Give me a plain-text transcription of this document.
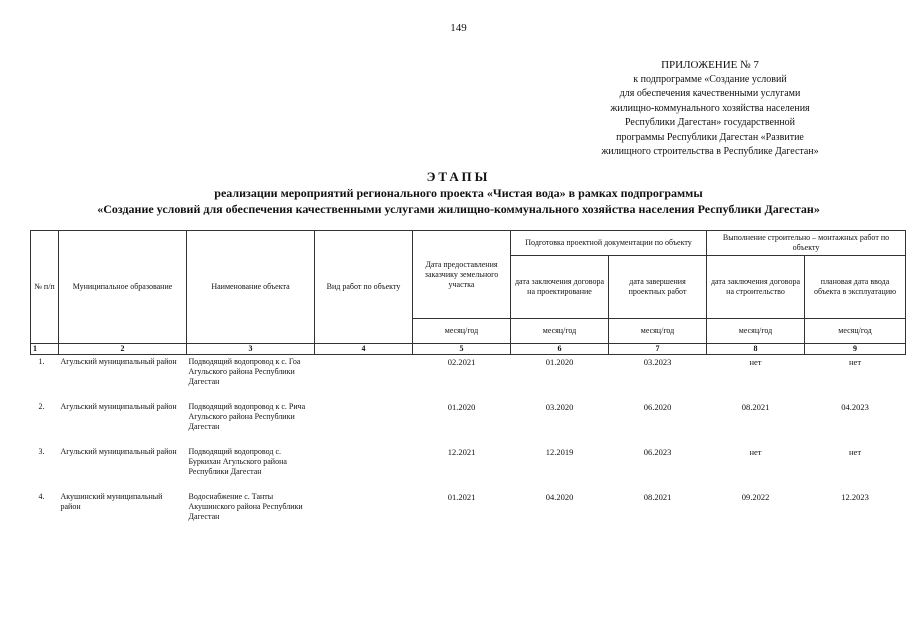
149
ПРИЛОЖЕНИЕ № 7
к подпрограмме «Создание условий
для обеспечения качественными услугами
жилищно-коммунального хозяйства населения
Республики Дагестан» государственной
программы Республики Дагестан «Развитие
жилищного строительства в Республике Дагестан»
ЭТАПЫ
реализации мероприятий регионального проекта «Чистая вода» в рамках подпрограммы
«Создание условий для обеспечения качественными услугами жилищно-коммунального хозяйства населения Республики Дагестан»
№ п/п	Муниципальное образование	Наименование объекта	Вид работ по объекту	Дата предоставления заказчику земельного участка	Подготовка проектной документации по объекту		Выполнение строительно – монтажных работ по объекту	
					дата заключения договора на проектирование	дата завершения проектных работ	дата заключения договора на строительство	плановая дата ввода объекта в эксплуатацию
				месяц/год	месяц/год	месяц/год	месяц/год	месяц/год
1	2	3	4	5	6	7	8	9
1.	Агульский муниципальный район	Подводящий водопровод к с. Гоа Агульского района Республики Дагестан		02.2021	01.2020	03.2023	нет	нет
2.	Агульский муниципальный район	Подводящий водопровод к с. Рича Агульского района Республики Дагестан		01.2020	03.2020	06.2020	08.2021	04.2023
3.	Агульский муниципальный район	Подводящий водопровод с. Буркихан Агульского района Республики Дагестан		12.2021	12.2019	06.2023	нет	нет
4.	Акушинский муниципальный район	Водоснабжение с. Танты Акушинского района Республики Дагестан		01.2021	04.2020	08.2021	09.2022	12.2023
